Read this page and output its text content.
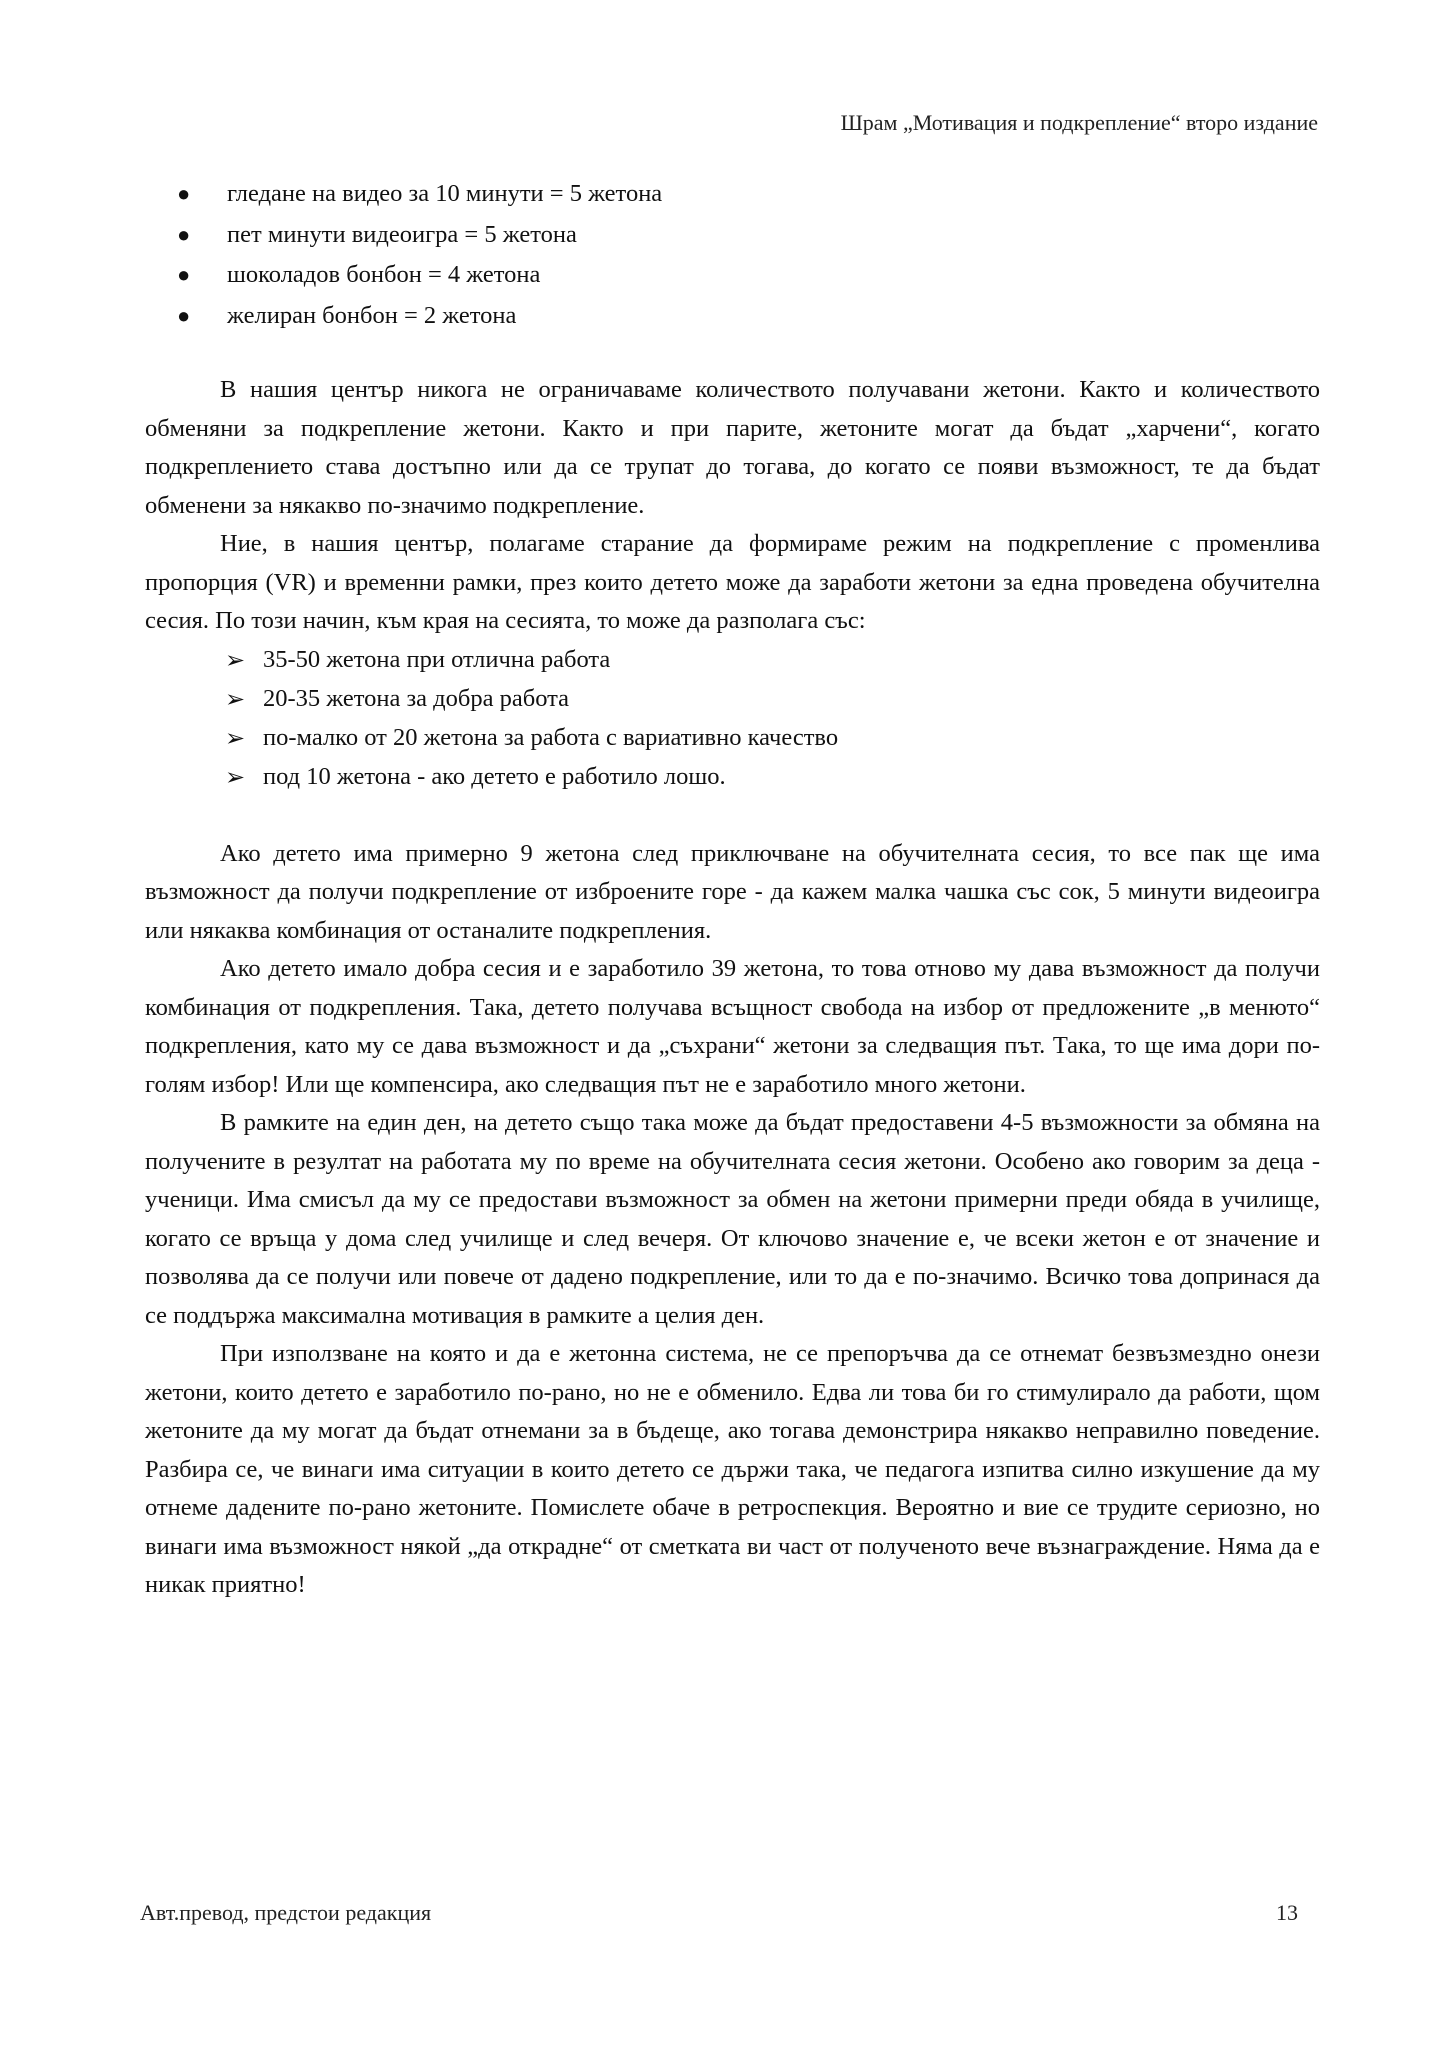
Шрам „Мотивация и подкрепление“ второ издание
● гледане на видео за 10 минути = 5 жетона
● пет минути видеоигра = 5 жетона
● шоколадов бонбон = 4 жетона
● желиран бонбон = 2 жетона

В нашия център никога не ограничаваме количеството получавани жетони. Както и количеството обменяни за подкрепление жетони. Както и при парите, жетоните могат да бъдат „харчени“, когато подкреплението става достъпно или да се трупат до тогава, до когато се появи възможност, те да бъдат обменени за някакво по-значимо подкрепление.

Ние, в нашия център, полагаме старание да формираме режим на подкрепление с променлива пропорция (VR) и временни рамки, през които детето може да заработи жетони за една проведена обучителна сесия. По този начин, към края на сесията, то може да разполага със:

➢ 35-50 жетона при отлична работа
➢ 20-35 жетона за добра работа
➢ по-малко от 20 жетона за работа с вариативно качество
➢ под 10 жетона - ако детето е работило лошо.

Ако детето има примерно 9 жетона след приключване на обучителната сесия, то все пак ще има възможност да получи подкрепление от изброените горе - да кажем малка чашка със сок, 5 минути видеоигра или някаква комбинация от останалите подкрепления.

Ако детето имало добра сесия и е заработило 39 жетона, то това отново му дава възможност да получи комбинация от подкрепления. Така, детето получава всъщност свобода на избор от предложените „в менюто“ подкрепления, като му се дава възможност и да „съхрани“ жетони за следващия път. Така, то ще има дори по-голям избор! Или ще компенсира, ако следващия път не е заработило много жетони.

В рамките на един ден, на детето също така може да бъдат предоставени 4-5 възможности за обмяна на получените в резултат на работата му по време на обучителната сесия жетони. Особено ако говорим за деца - ученици. Има смисъл да му се предостави възможност за обмен на жетони примерни преди обяда в училище, когато се връща у дома след училище и след вечеря. От ключово значение е, че всеки жетон е от значение и позволява да се получи или повече от дадено подкрепление, или то да е по-значимо. Всичко това допринася да се поддържа максимална мотивация в рамките а целия ден.

При използване на която и да е жетонна система, не се препоръчва да се отнемат безвъзмездно онези жетони, които детето е заработило по-рано, но не е обменило. Едва ли това би го стимулирало да работи, щом жетоните да му могат да бъдат отнемани за в бъдеще, ако тогава демонстрира някакво неправилно поведение. Разбира се, че винаги има ситуации в които детето се държи така, че педагога изпитва силно изкушение да му отнеме дадените по-рано жетоните. Помислете обаче в ретроспекция. Вероятно и вие се трудите сериозно, но винаги има възможност някой „да открадне“ от сметката ви част от полученото вече възнаграждение. Няма да е никак приятно!

Авт.превод, предстои редакция	13
